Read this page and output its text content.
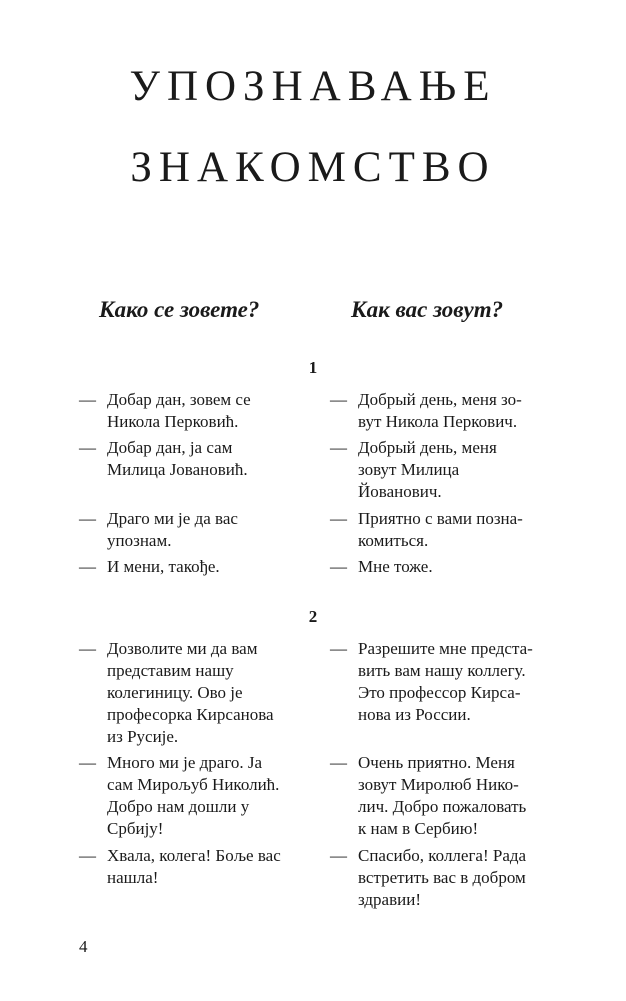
УПОЗНАВАЊЕ
ЗНАКОМСТВО
Како се зовете?	Как вас зовут?
1
2
— Добар дан, зовем се
Никола Перковић.
— Добрый день, меня зо-
вут Никола Перкович.
— Добар дан, ја сам
Милица Јовановић.
— Добрый день, меня
зовут Милица
Йованович.
— Драго ми је да вас
упознам.
— Приятно с вами позна-
комиться.
— И мени, такође.	— Мне тоже.
— Дозволите ми да вам
представим нашу
колегиницу. Ово је
професорка Кирсанова
из Русије.
— Разрешите мне предста-
вить вам нашу коллегу.
Это профессор Кирса-
нова из России.
— Много ми је драго. Ја
сам Мирољуб Николић.
Добро нам дошли у
Србију!
— Очень приятно. Меня
зовут Миролюб Нико-
лич. Добро пожаловать
к нам в Сербию!
— Хвала, колега! Боље вас
нашла!
— Спасибо, коллега! Рада
встретить вас в добром
здравии!
4
